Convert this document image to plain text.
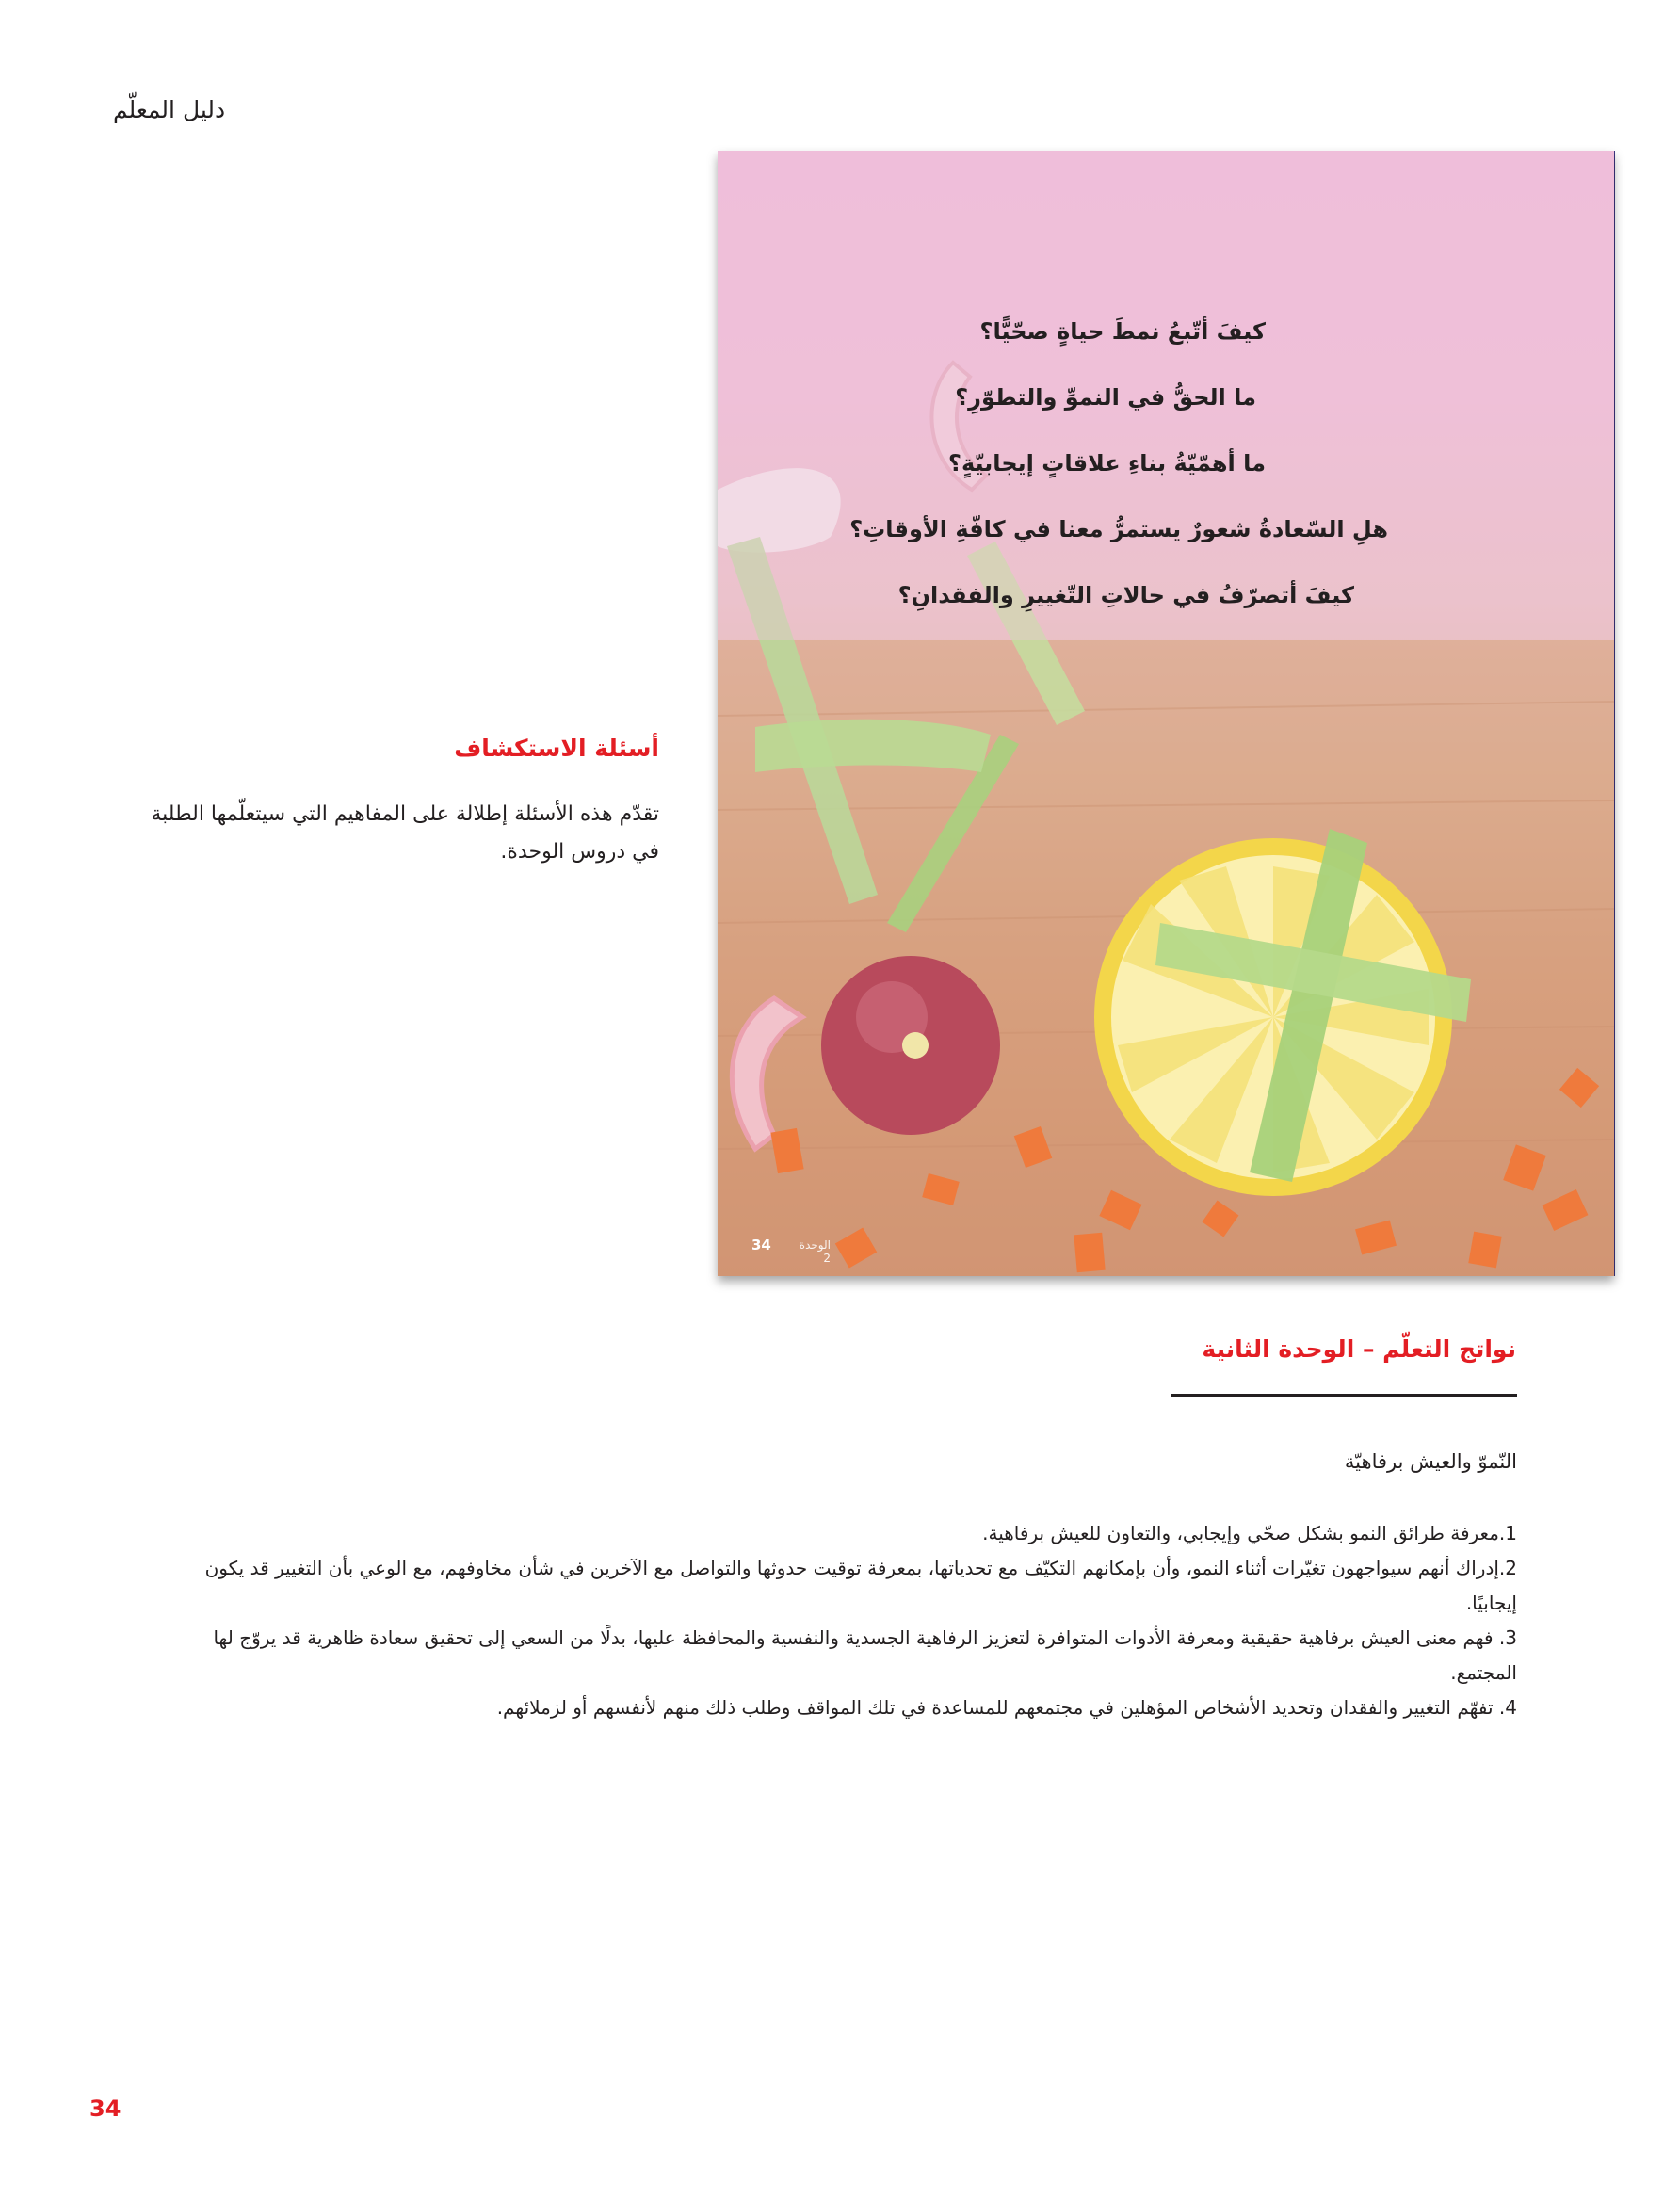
دليل المعلّم
كيفَ أتّبعُ نمطَ حياةٍ صحّيًّا؟
ما الحقُّ في النموِّ والتطوّرِ؟
ما أهمّيّةُ بناءِ علاقاتٍ إيجابيّةٍ؟
هلِ السّعادةُ شعورٌ يستمرُّ معنا في كافّةِ الأوقاتِ؟
كيفَ أتصرّفُ في حالاتِ التّغييرِ والفقدانِ؟
34	الوحدة 2
أسئلة الاستكشاف
تقدّم هذه الأسئلة إطلالة على المفاهيم التي سيتعلّمها الطلبة في دروس الوحدة.
نواتج التعلّم – الوحدة الثانية
النّموّ والعيش برفاهيّة

1.معرفة طرائق النمو بشكل صحّي وإيجابي، والتعاون للعيش برفاهية.

2.إدراك أنهم سيواجهون تغيّرات أثناء النمو، وأن بإمكانهم التكيّف مع تحدياتها، بمعرفة توقيت حدوثها والتواصل مع الآخرين في شأن مخاوفهم، مع الوعي بأن التغيير قد يكون إيجابيًا.

3. فهم معنى العيش برفاهية حقيقية ومعرفة الأدوات المتوافرة لتعزيز الرفاهية الجسدية والنفسية والمحافظة عليها، بدلًا من السعي إلى تحقيق سعادة ظاهرية قد يروّج لها المجتمع.

4. تفهّم التغيير والفقدان وتحديد الأشخاص المؤهلين في مجتمعهم للمساعدة في تلك المواقف وطلب ذلك منهم لأنفسهم أو لزملائهم.

34
